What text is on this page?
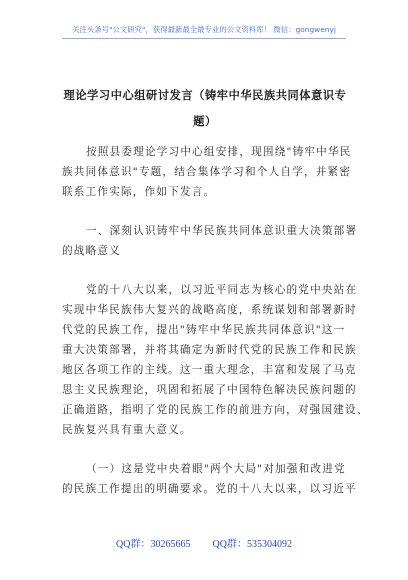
关注头条号"公文研究"，获得最新最全最专业的公文资料库！ 微信：gongwenyj
理论学习中心组研讨发言（铸牢中华民族共同体意识专
题）
按照县委理论学习中心组安排，现围绕"铸牢中华民
族共同体意识"专题，结合集体学习和个人自学，并紧密
联系工作实际，作如下发言。
一、深刻认识铸牢中华民族共同体意识重大决策部署
的战略意义
党的十八大以来，以习近平同志为核心的党中央站在
实现中华民族伟大复兴的战略高度，系统谋划和部署新时
代党的民族工作，提出"铸牢中华民族共同体意识"这一
重大决策部署，并将其确定为新时代党的民族工作和民族
地区各项工作的主线。这一重大理念，丰富和发展了马克
思主义民族理论，巩固和拓展了中国特色解决民族问题的
正确道路，指明了党的民族工作的前进方向，对强国建设、
民族复兴具有重大意义。
（一）这是党中央着眼"两个大局"对加强和改进党
的民族工作提出的明确要求。党的十八大以来，以习近平
QQ群：30265665 QQ群：535304092
